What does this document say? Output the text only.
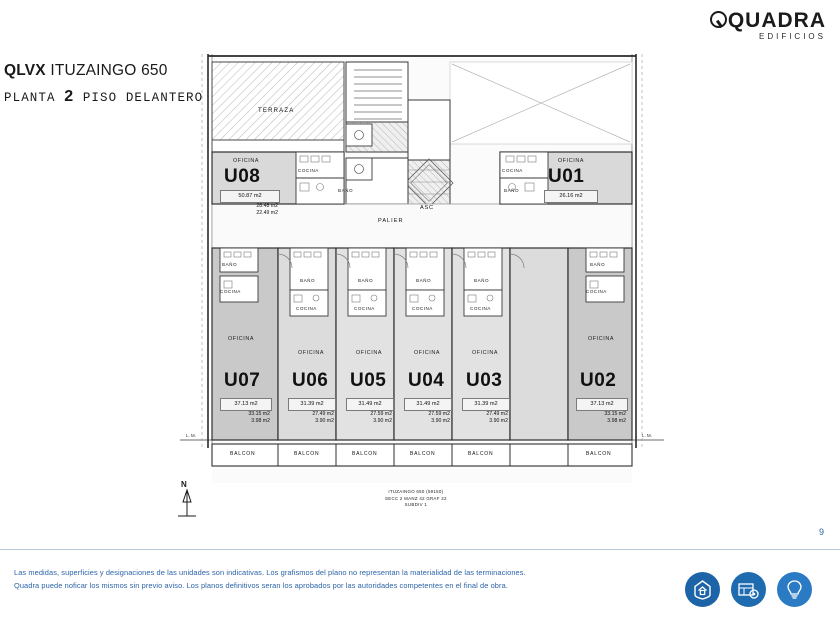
QUADRA
EDIFICIOS
QLVX ITUZAINGO 650
PLANTA 2 PISO DELANTERO
TERRAZA
ASC
PALIER
OFICINA
U08
50.87 m2
28.48 m2
22.49 m2
COCINA
BAÑO
OFICINA
U01
26.16 m2
COCINA
BAÑO
BAÑO
COCINA
OFICINA
U07
37.13 m2
33.15 m2
3.98 m2
BALCON
BAÑO
COCINA
OFICINA
U06
31.39 m2
27.49 m2
3.90 m2
BALCON
BAÑO
COCINA
OFICINA
U05
31.49 m2
27.59 m2
3.90 m2
BALCON
BAÑO
COCINA
OFICINA
U04
31.49 m2
27.59 m2
3.90 m2
BALCON
BAÑO
COCINA
OFICINA
U03
31.39 m2
27.49 m2
3.90 m2
BALCON
BAÑO
COCINA
OFICINA
U02
37.13 m2
33.15 m2
3.98 m2
BALCON
L.M.	L.M.
N
ITUZAINGO 650 (59150)
SECC 2 MANZ 42 GRAF 22
SUBDIV 1
9
Las medidas, superficies y designaciones de las unidades son indicativas. Los grafismos del plano no representan la materialidad de las terminaciones.
Quadra puede noficar los mismos sin previo aviso. Los planos definitivos seran los aprobados por las autoridades competentes en el final de obra.
